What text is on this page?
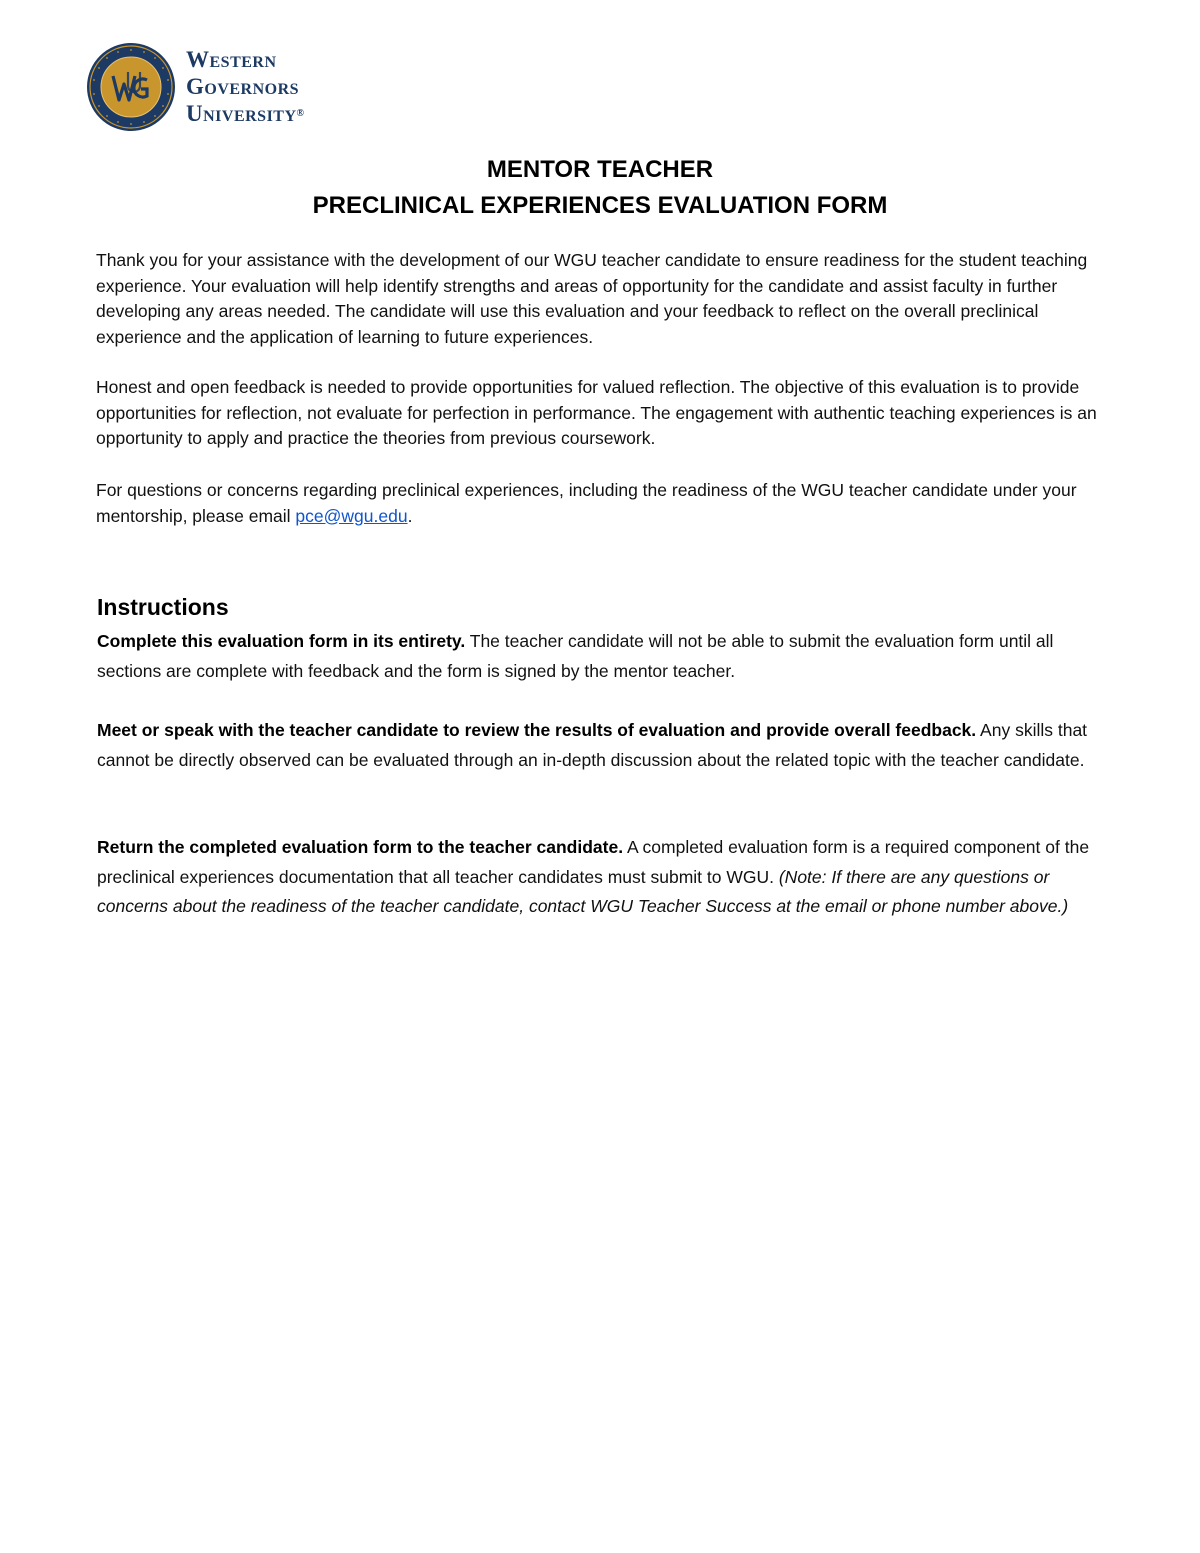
Western
Governors
University®
MENTOR TEACHER
PRECLINICAL EXPERIENCES EVALUATION FORM
Thank you for your assistance with the development of our WGU teacher candidate to ensure readiness for the student teaching experience. Your evaluation will help identify strengths and areas of opportunity for the candidate and assist faculty in further developing any areas needed. The candidate will use this evaluation and your feedback to reflect on the overall preclinical experience and the application of learning to future experiences.
Honest and open feedback is needed to provide opportunities for valued reflection. The objective of this evaluation is to provide opportunities for reflection, not evaluate for perfection in performance. The engagement with authentic teaching experiences is an opportunity to apply and practice the theories from previous coursework.
For questions or concerns regarding preclinical experiences, including the readiness of the WGU teacher candidate under your mentorship, please email pce@wgu.edu.
Instructions
Complete this evaluation form in its entirety. The teacher candidate will not be able to submit the evaluation form until all sections are complete with feedback and the form is signed by the mentor teacher.
Meet or speak with the teacher candidate to review the results of evaluation and provide overall feedback. Any skills that cannot be directly observed can be evaluated through an in-depth discussion about the related topic with the teacher candidate.
Return the completed evaluation form to the teacher candidate. A completed evaluation form is a required component of the preclinical experiences documentation that all teacher candidates must submit to WGU. (Note: If there are any questions or concerns about the readiness of the teacher candidate, contact WGU Teacher Success at the email or phone number above.)
